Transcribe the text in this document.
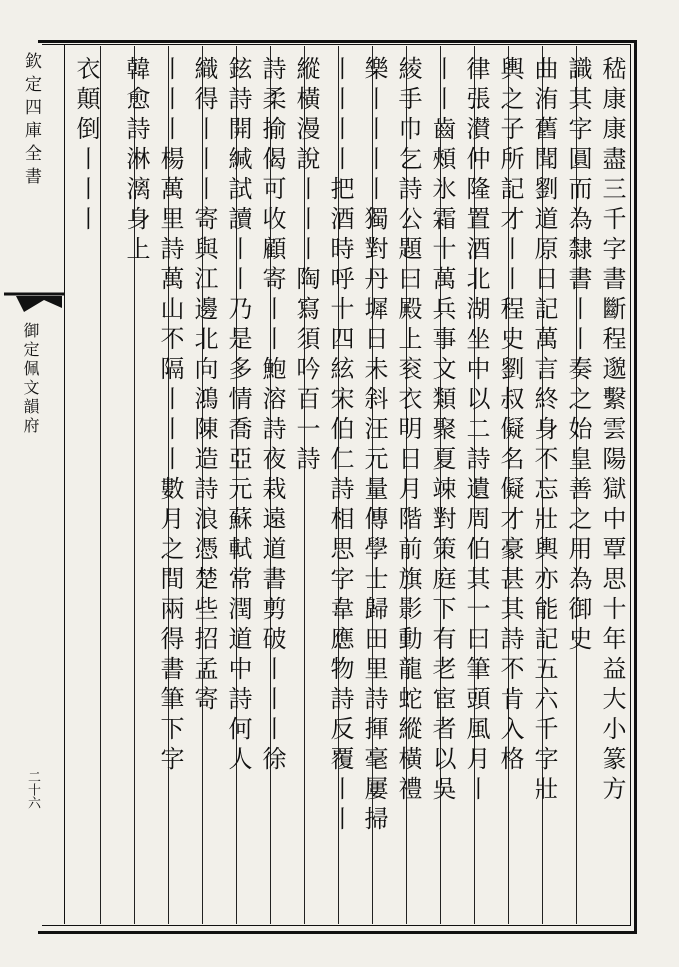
欽定四庫全書
御定佩文韻府
二十六	嵇康康盡三千字書斷程邈繫雲陽獄中覃思十年益大小篆方
識其字圓而為隸書丨丨奏之始皇善之用為御史
曲洧舊聞劉道原日記萬言終身不忘壯輿亦能記五六千字壯
輿之子所記才丨丨程史劉叔儗名儗才豪甚其詩不肯入格
律張濽仲隆置酒北湖坐中以二詩遺周伯其一曰筆頭風月丨
丨丨齒頰氷霜十萬兵事文類聚夏竦對策庭下有老宦者以吳
綾手巾乞詩公題曰殿上衮衣明日月階前旗影動龍蛇縱橫禮
樂丨丨丨丨獨對丹墀日未斜汪元量傳學士歸田里詩揮毫屢掃
丨丨丨丨把酒時呼十四絃宋伯仁詩相思字韋應物詩反覆丨丨
縱橫漫說丨丨丨陶寫須吟百一詩
詩柔揄偈可收顧寄丨丨鮑溶詩夜栽遠道書剪破丨丨丨徐
鉉詩開緘試讀丨丨乃是多情喬亞元蘇軾常潤道中詩何人
織得丨丨丨寄與江邊北向鴻陳造詩浪憑楚些招孟寄
丨丨丨楊萬里詩萬山不隔丨丨丨數月之間兩得書筆下字
韓愈詩淋漓身上
衣顛倒丨丨丨
